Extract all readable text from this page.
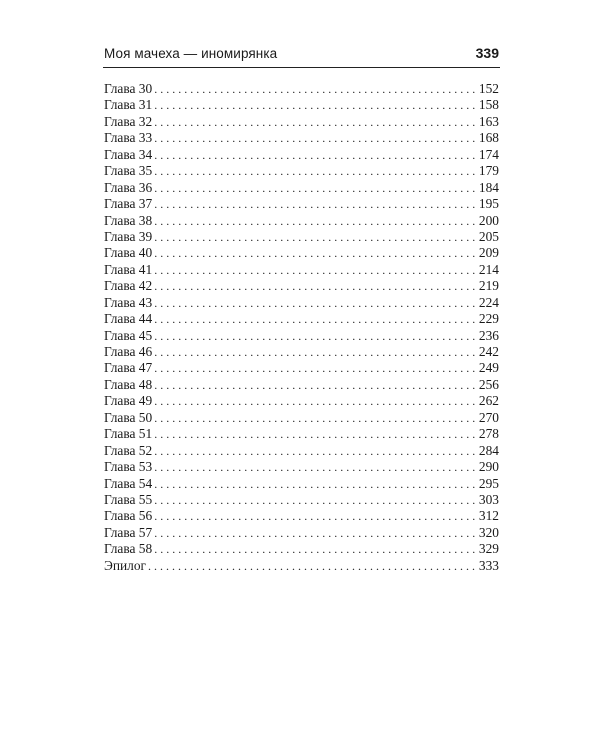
Моя мачеха — иномирянка	339
Глава 30 . . .	152
Глава 31 . . .	158
Глава 32 . . .	163
Глава 33 . . .	168
Глава 34 . . .	174
Глава 35 . . .	179
Глава 36 . . .	184
Глава 37 . . .	195
Глава 38 . . .	200
Глава 39 . . .	205
Глава 40 . . .	209
Глава 41 . . .	214
Глава 42 . . .	219
Глава 43 . . .	224
Глава 44 . . .	229
Глава 45 . . .	236
Глава 46 . . .	242
Глава 47 . . .	249
Глава 48 . . .	256
Глава 49 . . .	262
Глава 50 . . .	270
Глава 51 . . .	278
Глава 52 . . .	284
Глава 53 . . .	290
Глава 54 . . .	295
Глава 55 . . .	303
Глава 56 . . .	312
Глава 57 . . .	320
Глава 58 . . .	329
Эпилог . . .	333
